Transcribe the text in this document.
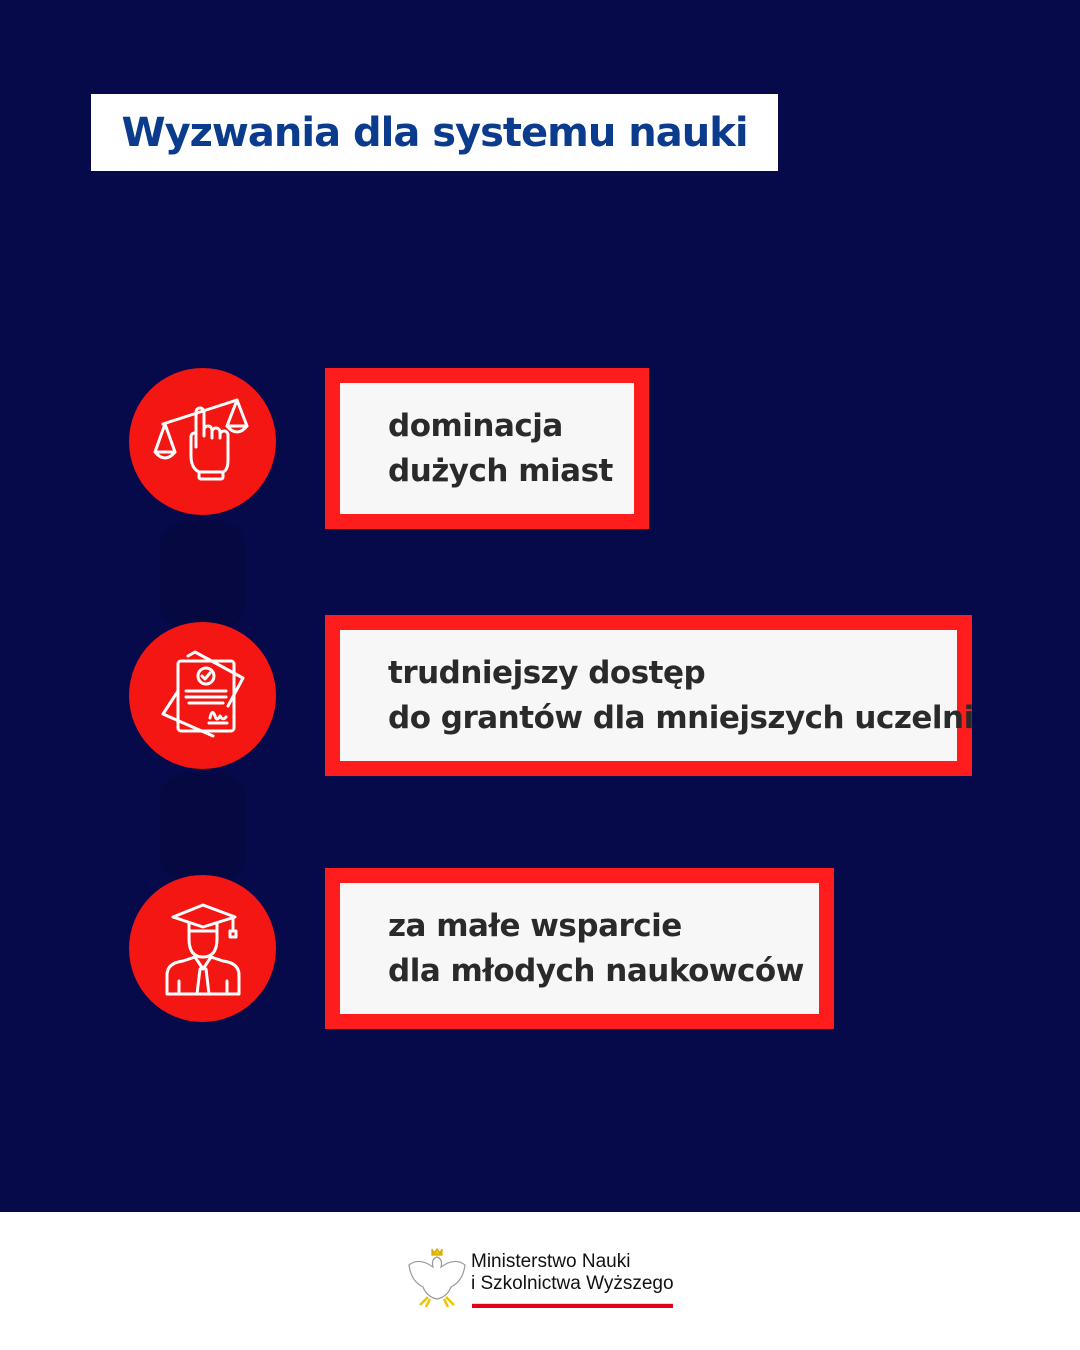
Wyzwania dla systemu nauki
dominacja
dużych miast
trudniejszy dostęp
do grantów dla mniejszych uczelni
za małe wsparcie
dla młodych naukowców
Ministerstwo Nauki
i Szkolnictwa Wyższego
